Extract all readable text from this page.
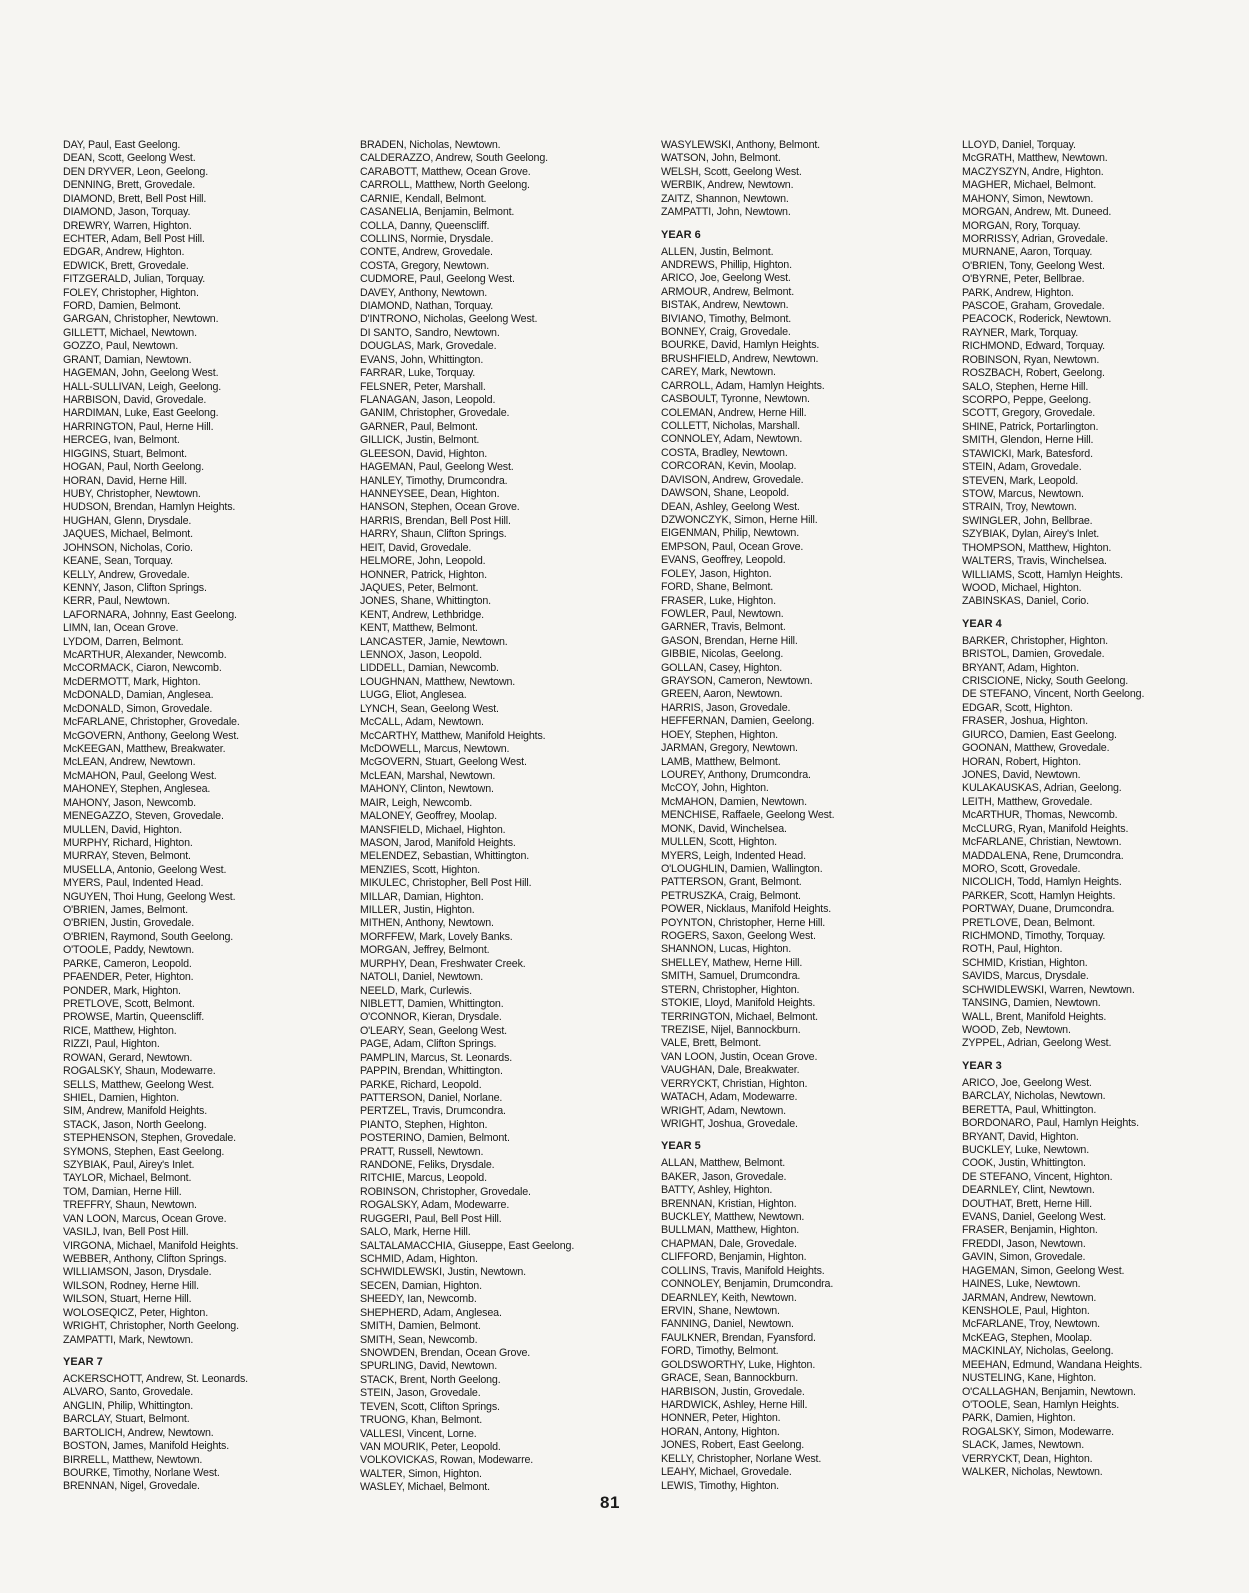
DAY, Paul, East Geelong.
DEAN, Scott, Geelong West.
DEN DRYVER, Leon, Geelong.
DENNING, Brett, Grovedale.
DIAMOND, Brett, Bell Post Hill.
DIAMOND, Jason, Torquay.
DREWRY, Warren, Highton.
ECHTER, Adam, Bell Post Hill.
EDGAR, Andrew, Highton.
EDWICK, Brett, Grovedale.
FITZGERALD, Julian, Torquay.
FOLEY, Christopher, Highton.
FORD, Damien, Belmont.
GARGAN, Christopher, Newtown.
GILLETT, Michael, Newtown.
GOZZO, Paul, Newtown.
GRANT, Damian, Newtown.
HAGEMAN, John, Geelong West.
HALL-SULLIVAN, Leigh, Geelong.
HARBISON, David, Grovedale.
HARDIMAN, Luke, East Geelong.
HARRINGTON, Paul, Herne Hill.
HERCEG, Ivan, Belmont.
HIGGINS, Stuart, Belmont.
HOGAN, Paul, North Geelong.
HORAN, David, Herne Hill.
HUBY, Christopher, Newtown.
HUDSON, Brendan, Hamlyn Heights.
HUGHAN, Glenn, Drysdale.
JAQUES, Michael, Belmont.
JOHNSON, Nicholas, Corio.
KEANE, Sean, Torquay.
KELLY, Andrew, Grovedale.
KENNY, Jason, Clifton Springs.
KERR, Paul, Newtown.
LAFORNARA, Johnny, East Geelong.
LIMN, Ian, Ocean Grove.
LYDOM, Darren, Belmont.
McARTHUR, Alexander, Newcomb.
McCORMACK, Ciaron, Newcomb.
McDERMOTT, Mark, Highton.
McDONALD, Damian, Anglesea.
McDONALD, Simon, Grovedale.
McFARLANE, Christopher, Grovedale.
McGOVERN, Anthony, Geelong West.
McKEEGAN, Matthew, Breakwater.
McLEAN, Andrew, Newtown.
McMAHON, Paul, Geelong West.
MAHONEY, Stephen, Anglesea.
MAHONY, Jason, Newcomb.
MENEGAZZO, Steven, Grovedale.
MULLEN, David, Highton.
MURPHY, Richard, Highton.
MURRAY, Steven, Belmont.
MUSELLA, Antonio, Geelong West.
MYERS, Paul, Indented Head.
NGUYEN, Thoi Hung, Geelong West.
O'BRIEN, James, Belmont.
O'BRIEN, Justin, Grovedale.
O'BRIEN, Raymond, South Geelong.
O'TOOLE, Paddy, Newtown.
PARKE, Cameron, Leopold.
PFAENDER, Peter, Highton.
PONDER, Mark, Highton.
PRETLOVE, Scott, Belmont.
PROWSE, Martin, Queenscliff.
RICE, Matthew, Highton.
RIZZI, Paul, Highton.
ROWAN, Gerard, Newtown.
ROGALSKY, Shaun, Modewarre.
SELLS, Matthew, Geelong West.
SHIEL, Damien, Highton.
SIM, Andrew, Manifold Heights.
STACK, Jason, North Geelong.
STEPHENSON, Stephen, Grovedale.
SYMONS, Stephen, East Geelong.
SZYBIAK, Paul, Airey's Inlet.
TAYLOR, Michael, Belmont.
TOM, Damian, Herne Hill.
TREFFRY, Shaun, Newtown.
VAN LOON, Marcus, Ocean Grove.
VASILJ, Ivan, Bell Post Hill.
VIRGONA, Michael, Manifold Heights.
WEBBER, Anthony, Clifton Springs.
WILLIAMSON, Jason, Drysdale.
WILSON, Rodney, Herne Hill.
WILSON, Stuart, Herne Hill.
WOLOSEQICZ, Peter, Highton.
WRIGHT, Christopher, North Geelong.
ZAMPATTI, Mark, Newtown.
YEAR 7
ACKERSCHOTT, Andrew, St. Leonards.
ALVARO, Santo, Grovedale.
ANGLIN, Philip, Whittington.
BARCLAY, Stuart, Belmont.
BARTOLICH, Andrew, Newtown.
BOSTON, James, Manifold Heights.
BIRRELL, Matthew, Newtown.
BOURKE, Timothy, Norlane West.
BRENNAN, Nigel, Grovedale.
BRADEN, Nicholas, Newtown.
CALDERAZZO, Andrew, South Geelong.
CARABOTT, Matthew, Ocean Grove.
CARROLL, Matthew, North Geelong.
CARNIE, Kendall, Belmont.
CASANELIA, Benjamin, Belmont.
COLLA, Danny, Queenscliff.
COLLINS, Normie, Drysdale.
CONTE, Andrew, Grovedale.
COSTA, Gregory, Newtown.
CUDMORE, Paul, Geelong West.
DAVEY, Anthony, Newtown.
DIAMOND, Nathan, Torquay.
D'INTRONO, Nicholas, Geelong West.
DI SANTO, Sandro, Newtown.
DOUGLAS, Mark, Grovedale.
EVANS, John, Whittington.
FARRAR, Luke, Torquay.
FELSNER, Peter, Marshall.
FLANAGAN, Jason, Leopold.
GANIM, Christopher, Grovedale.
GARNER, Paul, Belmont.
GILLICK, Justin, Belmont.
GLEESON, David, Highton.
HAGEMAN, Paul, Geelong West.
HANLEY, Timothy, Drumcondra.
HANNEYSEE, Dean, Highton.
HANSON, Stephen, Ocean Grove.
HARRIS, Brendan, Bell Post Hill.
HARRY, Shaun, Clifton Springs.
HEIT, David, Grovedale.
HELMORE, John, Leopold.
HONNER, Patrick, Highton.
JAQUES, Peter, Belmont.
JONES, Shane, Whittington.
KENT, Andrew, Lethbridge.
KENT, Matthew, Belmont.
LANCASTER, Jamie, Newtown.
LENNOX, Jason, Leopold.
LIDDELL, Damian, Newcomb.
LOUGHNAN, Matthew, Newtown.
LUGG, Eliot, Anglesea.
LYNCH, Sean, Geelong West.
McCALL, Adam, Newtown.
McCARTHY, Matthew, Manifold Heights.
McDOWELL, Marcus, Newtown.
McGOVERN, Stuart, Geelong West.
McLEAN, Marshal, Newtown.
MAHONY, Clinton, Newtown.
MAIR, Leigh, Newcomb.
MALONEY, Geoffrey, Moolap.
MANSFIELD, Michael, Highton.
MASON, Jarod, Manifold Heights.
MELENDEZ, Sebastian, Whittington.
MENZIES, Scott, Highton.
MIKULEC, Christopher, Bell Post Hill.
MILLAR, Damian, Highton.
MILLER, Justin, Highton.
MITHEN, Anthony, Newtown.
MORFFEW, Mark, Lovely Banks.
MORGAN, Jeffrey, Belmont.
MURPHY, Dean, Freshwater Creek.
NATOLI, Daniel, Newtown.
NEELD, Mark, Curlewis.
NIBLETT, Damien, Whittington.
O'CONNOR, Kieran, Drysdale.
O'LEARY, Sean, Geelong West.
PAGE, Adam, Clifton Springs.
PAMPLIN, Marcus, St. Leonards.
PAPPIN, Brendan, Whittington.
PARKE, Richard, Leopold.
PATTERSON, Daniel, Norlane.
PERTZEL, Travis, Drumcondra.
PIANTO, Stephen, Highton.
POSTERINO, Damien, Belmont.
PRATT, Russell, Newtown.
RANDONE, Feliks, Drysdale.
RITCHIE, Marcus, Leopold.
ROBINSON, Christopher, Grovedale.
ROGALSKY, Adam, Modewarre.
RUGGERI, Paul, Bell Post Hill.
SALO, Mark, Herne Hill.
SALTALAMACCHIA, Giuseppe, East Geelong.
SCHMID, Adam, Highton.
SCHWIDLEWSKI, Justin, Newtown.
SECEN, Damian, Highton.
SHEEDY, Ian, Newcomb.
SHEPHERD, Adam, Anglesea.
SMITH, Damien, Belmont.
SMITH, Sean, Newcomb.
SNOWDEN, Brendan, Ocean Grove.
SPURLING, David, Newtown.
STACK, Brent, North Geelong.
STEIN, Jason, Grovedale.
TEVEN, Scott, Clifton Springs.
TRUONG, Khan, Belmont.
VALLESI, Vincent, Lorne.
VAN MOURIK, Peter, Leopold.
VOLKOVICKAS, Rowan, Modewarre.
WALTER, Simon, Highton.
WASLEY, Michael, Belmont.
WASYLEWSKI, Anthony, Belmont.
WATSON, John, Belmont.
WELSH, Scott, Geelong West.
WERBIK, Andrew, Newtown.
ZAITZ, Shannon, Newtown.
ZAMPATTI, John, Newtown.
YEAR 6
ALLEN, Justin, Belmont.
ANDREWS, Phillip, Highton.
ARICO, Joe, Geelong West.
ARMOUR, Andrew, Belmont.
BISTAK, Andrew, Newtown.
BIVIANO, Timothy, Belmont.
BONNEY, Craig, Grovedale.
BOURKE, David, Hamlyn Heights.
BRUSHFIELD, Andrew, Newtown.
CAREY, Mark, Newtown.
CARROLL, Adam, Hamlyn Heights.
CASBOULT, Tyronne, Newtown.
COLEMAN, Andrew, Herne Hill.
COLLETT, Nicholas, Marshall.
CONNOLEY, Adam, Newtown.
COSTA, Bradley, Newtown.
CORCORAN, Kevin, Moolap.
DAVISON, Andrew, Grovedale.
DAWSON, Shane, Leopold.
DEAN, Ashley, Geelong West.
DZWONCZYK, Simon, Herne Hill.
EIGENMAN, Philip, Newtown.
EMPSON, Paul, Ocean Grove.
EVANS, Geoffrey, Leopold.
FOLEY, Jason, Highton.
FORD, Shane, Belmont.
FRASER, Luke, Highton.
FOWLER, Paul, Newtown.
GARNER, Travis, Belmont.
GASON, Brendan, Herne Hill.
GIBBIE, Nicolas, Geelong.
GOLLAN, Casey, Highton.
GRAYSON, Cameron, Newtown.
GREEN, Aaron, Newtown.
HARRIS, Jason, Grovedale.
HEFFERNAN, Damien, Geelong.
HOEY, Stephen, Highton.
JARMAN, Gregory, Newtown.
LAMB, Matthew, Belmont.
LOUREY, Anthony, Drumcondra.
McCOY, John, Highton.
McMAHON, Damien, Newtown.
MENCHISE, Raffaele, Geelong West.
MONK, David, Winchelsea.
MULLEN, Scott, Highton.
MYERS, Leigh, Indented Head.
O'LOUGHLIN, Damien, Wallington.
PATTERSON, Grant, Belmont.
PETRUSZKA, Craig, Belmont.
POWER, Nicklaus, Manifold Heights.
POYNTON, Christopher, Herne Hill.
ROGERS, Saxon, Geelong West.
SHANNON, Lucas, Highton.
SHELLEY, Mathew, Herne Hill.
SMITH, Samuel, Drumcondra.
STERN, Christopher, Highton.
STOKIE, Lloyd, Manifold Heights.
TERRINGTON, Michael, Belmont.
TREZISE, Nijel, Bannockburn.
VALE, Brett, Belmont.
VAN LOON, Justin, Ocean Grove.
VAUGHAN, Dale, Breakwater.
VERRYCKT, Christian, Highton.
WATACH, Adam, Modewarre.
WRIGHT, Adam, Newtown.
WRIGHT, Joshua, Grovedale.
YEAR 5
ALLAN, Matthew, Belmont.
BAKER, Jason, Grovedale.
BATTY, Ashley, Highton.
BRENNAN, Kristian, Highton.
BUCKLEY, Matthew, Newtown.
BULLMAN, Matthew, Highton.
CHAPMAN, Dale, Grovedale.
CLIFFORD, Benjamin, Highton.
COLLINS, Travis, Manifold Heights.
CONNOLEY, Benjamin, Drumcondra.
DEARNLEY, Keith, Newtown.
ERVIN, Shane, Newtown.
FANNING, Daniel, Newtown.
FAULKNER, Brendan, Fyansford.
FORD, Timothy, Belmont.
GOLDSWORTHY, Luke, Highton.
GRACE, Sean, Bannockburn.
HARBISON, Justin, Grovedale.
HARDWICK, Ashley, Herne Hill.
HONNER, Peter, Highton.
HORAN, Antony, Highton.
JONES, Robert, East Geelong.
KELLY, Christopher, Norlane West.
LEAHY, Michael, Grovedale.
LEWIS, Timothy, Highton.
LLOYD, Daniel, Torquay.
McGRATH, Matthew, Newtown.
MACZYSZYN, Andre, Highton.
MAGHER, Michael, Belmont.
MAHONY, Simon, Newtown.
MORGAN, Andrew, Mt. Duneed.
MORGAN, Rory, Torquay.
MORRISSY, Adrian, Grovedale.
MURNANE, Aaron, Torquay.
O'BRIEN, Tony, Geelong West.
O'BYRNE, Peter, Bellbrae.
PARK, Andrew, Highton.
PASCOE, Graham, Grovedale.
PEACOCK, Roderick, Newtown.
RAYNER, Mark, Torquay.
RICHMOND, Edward, Torquay.
ROBINSON, Ryan, Newtown.
ROSZBACH, Robert, Geelong.
SALO, Stephen, Herne Hill.
SCORPO, Peppe, Geelong.
SCOTT, Gregory, Grovedale.
SHINE, Patrick, Portarlington.
SMITH, Glendon, Herne Hill.
STAWICKI, Mark, Batesford.
STEIN, Adam, Grovedale.
STEVEN, Mark, Leopold.
STOW, Marcus, Newtown.
STRAIN, Troy, Newtown.
SWINGLER, John, Bellbrae.
SZYBIAK, Dylan, Airey's Inlet.
THOMPSON, Matthew, Highton.
WALTERS, Travis, Winchelsea.
WILLIAMS, Scott, Hamlyn Heights.
WOOD, Michael, Highton.
ZABINSKAS, Daniel, Corio.
YEAR 4
BARKER, Christopher, Highton.
BRISTOL, Damien, Grovedale.
BRYANT, Adam, Highton.
CRISCIONE, Nicky, South Geelong.
DE STEFANO, Vincent, North Geelong.
EDGAR, Scott, Highton.
FRASER, Joshua, Highton.
GIURCO, Damien, East Geelong.
GOONAN, Matthew, Grovedale.
HORAN, Robert, Highton.
JONES, David, Newtown.
KULAKAUSKAS, Adrian, Geelong.
LEITH, Matthew, Grovedale.
McARTHUR, Thomas, Newcomb.
McCLURG, Ryan, Manifold Heights.
McFARLANE, Christian, Newtown.
MADDALENA, Rene, Drumcondra.
MORO, Scott, Grovedale.
NICOLICH, Todd, Hamlyn Heights.
PARKER, Scott, Hamlyn Heights.
PORTWAY, Duane, Drumcondra.
PRETLOVE, Dean, Belmont.
RICHMOND, Timothy, Torquay.
ROTH, Paul, Highton.
SCHMID, Kristian, Highton.
SAVIDS, Marcus, Drysdale.
SCHWIDLEWSKI, Warren, Newtown.
TANSING, Damien, Newtown.
WALL, Brent, Manifold Heights.
WOOD, Zeb, Newtown.
ZYPPEL, Adrian, Geelong West.
YEAR 3
ARICO, Joe, Geelong West.
BARCLAY, Nicholas, Newtown.
BERETTA, Paul, Whittington.
BORDONARO, Paul, Hamlyn Heights.
BRYANT, David, Highton.
BUCKLEY, Luke, Newtown.
COOK, Justin, Whittington.
DE STEFANO, Vincent, Highton.
DEARNLEY, Clint, Newtown.
DOUTHAT, Brett, Herne Hill.
EVANS, Daniel, Geelong West.
FRASER, Benjamin, Highton.
FREDDI, Jason, Newtown.
GAVIN, Simon, Grovedale.
HAGEMAN, Simon, Geelong West.
HAINES, Luke, Newtown.
JARMAN, Andrew, Newtown.
KENSHOLE, Paul, Highton.
McFARLANE, Troy, Newtown.
McKEAG, Stephen, Moolap.
MACKINLAY, Nicholas, Geelong.
MEEHAN, Edmund, Wandana Heights.
NUSTELING, Kane, Highton.
O'CALLAGHAN, Benjamin, Newtown.
O'TOOLE, Sean, Hamlyn Heights.
PARK, Damien, Highton.
ROGALSKY, Simon, Modewarre.
SLACK, James, Newtown.
VERRYCKT, Dean, Highton.
WALKER, Nicholas, Newtown.
81
